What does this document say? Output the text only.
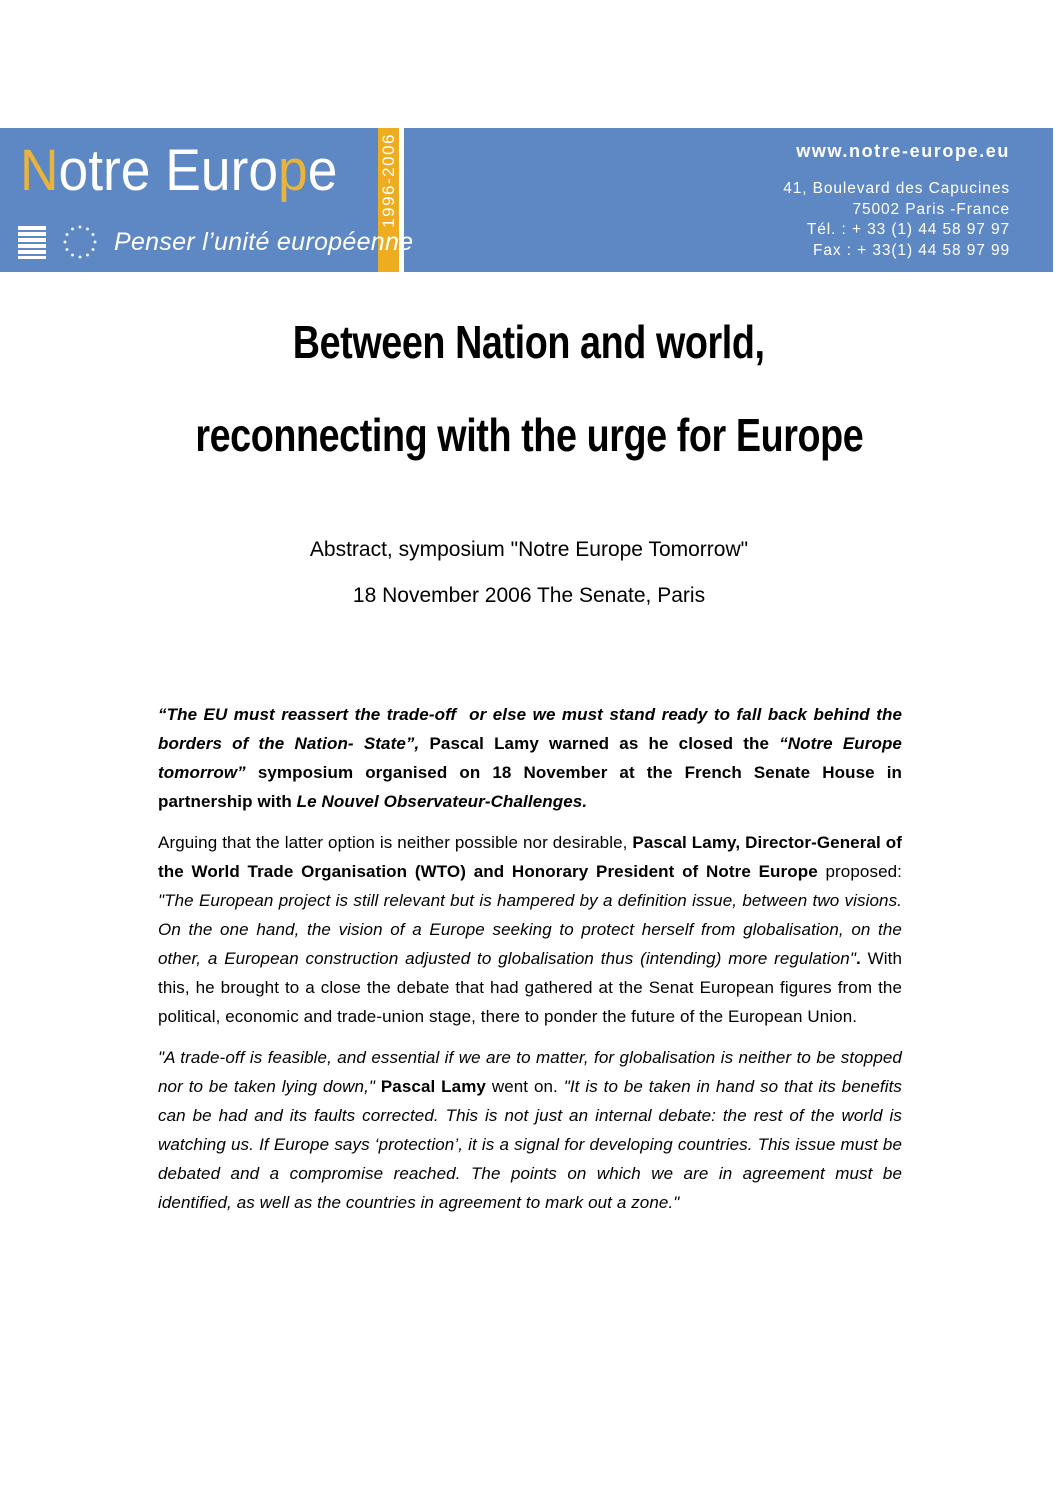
Notre Europe
Penser l’unité européenne
1996-2006	www.notre-europe.eu
41, Boulevard des Capucines
75002 Paris -France
Tél. : + 33 (1) 44 58 97 97
Fax : + 33(1) 44 58 97 99
Between Nation and world,
reconnecting with the urge for Europe
Abstract, symposium "Notre Europe Tomorrow"
18 November 2006 The Senate, Paris

“The EU must reassert the trade-off  or else we must stand ready to fall back behind the borders of the Nation- State”, Pascal Lamy warned as he closed the “Notre Europe tomorrow” symposium organised on 18 November at the French Senate House in partnership with Le Nouvel Observateur-Challenges.

Arguing that the latter option is neither possible nor desirable, Pascal Lamy, Director-General of the World Trade Organisation (WTO) and Honorary President of Notre Europe proposed: "The European project is still relevant but is hampered by a definition issue, between two visions. On the one hand, the vision of a Europe seeking to protect herself from globalisation, on the other, a European construction adjusted to globalisation thus (intending) more regulation". With this, he brought to a close the debate that had gathered at the Senat European figures from the political, economic and trade-union stage, there to ponder the future of the European Union.

"A trade-off is feasible, and essential if we are to matter, for globalisation is neither to be stopped nor to be taken lying down," Pascal Lamy went on. "It is to be taken in hand so that its benefits can be had and its faults corrected. This is not just an internal debate: the rest of the world is watching us. If Europe says ‘protection’, it is a signal for developing countries. This issue must be debated and a compromise reached. The points on which we are in agreement must be identified, as well as the countries in agreement to mark out a zone."
